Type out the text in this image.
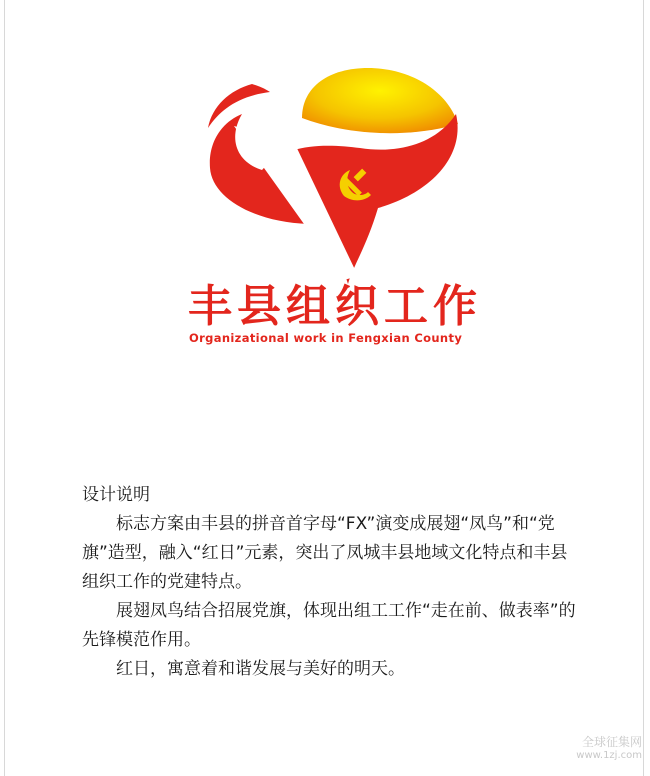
丰县组织工作
Organizational work in Fengxian County

设计说明

标志方案由丰县的拼音首字母“FX”演变成展翅“凤鸟”和“党旗”造型，融入“红日”元素，突出了凤城丰县地域文化特点和丰县组织工作的党建特点。

展翅凤鸟结合招展党旗，体现出组工工作“走在前、做表率”的先锋模范作用。

红日，寓意着和谐发展与美好的明天。

全球征集网
www.1zj.com
